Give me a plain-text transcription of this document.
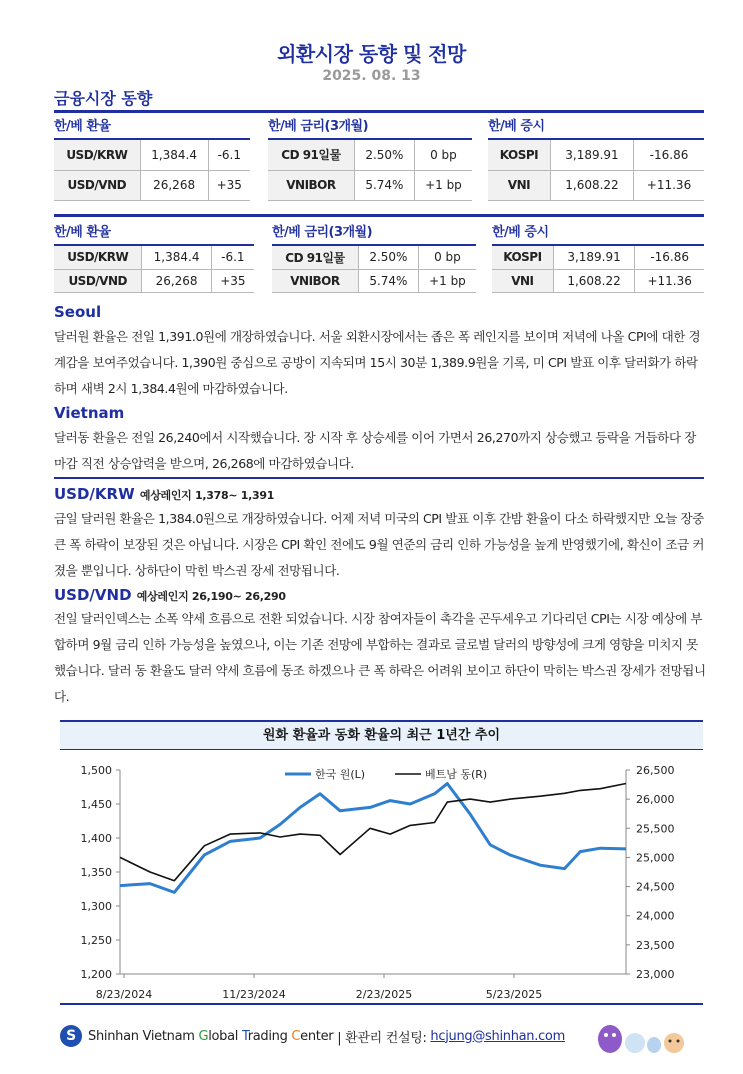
외환시장 동향 및 전망
2025. 08. 13
금융시장 동향
한/베 환율
USD/KRW	1,384.4	-6.1
USD/VND	26,268	+35
한/베 금리(3개월)
CD 91일물	2.50%	0 bp
VNIBOR	5.74%	+1 bp
한/베 증시
KOSPI	3,189.91	-16.86
VNI	1,608.22	+11.36
한/베 환율
USD/KRW	1,384.4	-6.1
USD/VND	26,268	+35
한/베 금리(3개월)
CD 91일물	2.50%	0 bp
VNIBOR	5.74%	+1 bp
한/베 증시
KOSPI	3,189.91	-16.86
VNI	1,608.22	+11.36
Seoul
달러원 환율은 전일 1,391.0원에 개장하였습니다. 서울 외환시장에서는 좁은 폭 레인지를 보이며 저녁에 나올 CPI에 대한 경계감을 보여주었습니다. 1,390원 중심으로 공방이 지속되며 15시 30분 1,389.9원을 기록, 미 CPI 발표 이후 달러화가 하락하며 새벽 2시 1,384.4원에 마감하였습니다.
Vietnam
달러동 환율은 전일 26,240에서 시작했습니다. 장 시작 후 상승세를 이어 가면서 26,270까지 상승했고 등락을 거듭하다 장 마감 직전 상승압력을 받으며, 26,268에 마감하였습니다.
USD/KRW 예상레인지 1,378~ 1,391
금일 달러원 환율은 1,384.0원으로 개장하였습니다. 어제 저녁 미국의 CPI 발표 이후 간밤 환율이 다소 하락했지만 오늘 장중 큰 폭 하락이 보장된 것은 아닙니다. 시장은 CPI 확인 전에도 9월 연준의 금리 인하 가능성을 높게 반영했기에, 확신이 조금 커졌을 뿐입니다. 상하단이 막힌 박스권 장세 전망됩니다.
USD/VND 예상레인지 26,190~ 26,290
전일 달러인덱스는 소폭 약세 흐름으로 전환 되었습니다. 시장 참여자들이 촉각을 곤두세우고 기다리던 CPI는 시장 예상에 부합하며 9월 금리 인하 가능성을 높였으나, 이는 기존 전망에 부합하는 결과로 글로벌 달러의 방향성에 크게 영향을 미치지 못했습니다. 달러 동 환율도 달러 약세 흐름에 동조 하겠으나 큰 폭 하락은 어려워 보이고 하단이 막히는 박스권 장세가 전망됩니다.
원화 환율과 동화 환율의 최근 1년간 추이
1,200
1,250
1,300
1,350
1,400
1,450
1,500
23,000
23,500
24,000
24,500
25,000
25,500
26,000
26,500
8/23/2024	11/23/2024	2/23/2025	5/23/2025
한국 원(L)	베트남 동(R)
S Shinhan Vietnam Global Trading Center | 환관리 컨설팅: hcjung@shinhan.com
